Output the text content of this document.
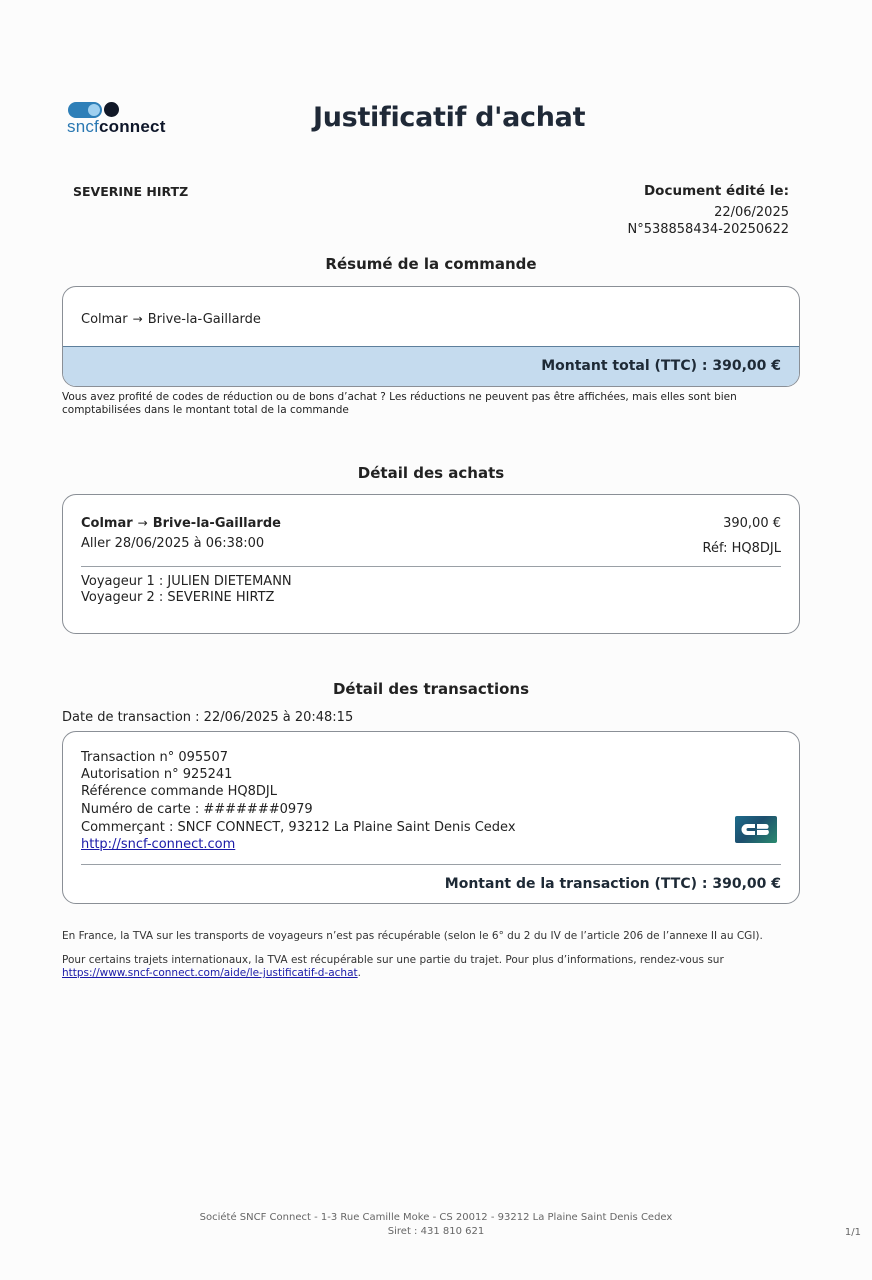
sncfconnect	Justificatif d'achat
SEVERINE HIRTZ	Document édité le:
22/06/2025
N°538858434-20250622
Résumé de la commande
Colmar → Brive-la-Gaillarde
Montant total (TTC) : 390,00 €
Vous avez profité de codes de réduction ou de bons d’achat ? Les réductions ne peuvent pas être affichées, mais elles sont bien comptabilisées dans le montant total de la commande
Détail des achats
Colmar → Brive-la-Gaillarde
Aller 28/06/2025 à 06:38:00
390,00 €
Réf: HQ8DJL
Voyageur 1 : JULIEN DIETEMANN
Voyageur 2 : SEVERINE HIRTZ
Détail des transactions
Date de transaction : 22/06/2025 à 20:48:15
Transaction n° 095507
Autorisation n° 925241
Référence commande HQ8DJL
Numéro de carte : #######0979
Commerçant : SNCF CONNECT, 93212 La Plaine Saint Denis Cedex
http://sncf-connect.com
Montant de la transaction (TTC) : 390,00 €
En France, la TVA sur les transports de voyageurs n’est pas récupérable (selon le 6° du 2 du IV de l’article 206 de l’annexe II au CGI).
Pour certains trajets internationaux, la TVA est récupérable sur une partie du trajet. Pour plus d’informations, rendez-vous sur https://www.sncf-connect.com/aide/le-justificatif-d-achat.
Société SNCF Connect - 1-3 Rue Camille Moke - CS 20012 - 93212 La Plaine Saint Denis Cedex
Siret : 431 810 621	1/1
